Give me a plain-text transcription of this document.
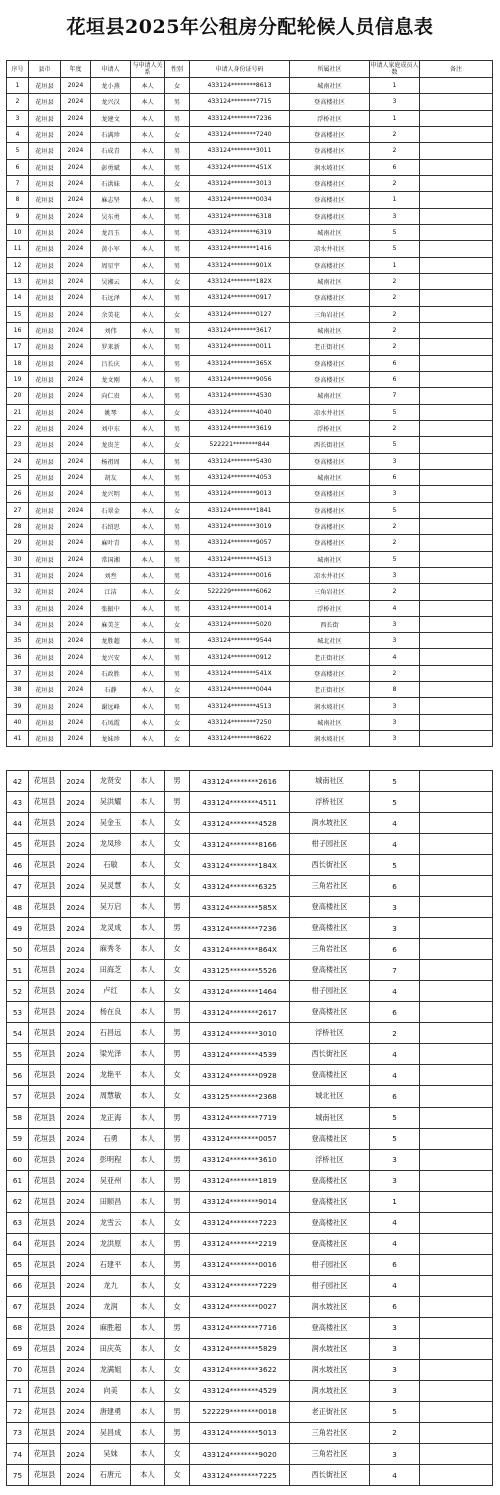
花垣县2025年公租房分配轮候人员信息表
序号	县市	年度	申请人	与申请人关系	性别	申请人身份证号码	所属社区	申请人家庭成员人数	备注
1	花垣县	2024	龙小燕	本人	女	433124********8613	城南社区	1	
2	花垣县	2024	龙兴汉	本人	男	433124********7715	登高楼社区	3	
3	花垣县	2024	龙建文	本人	男	433124********7236	浮桥社区	1	
4	花垣县	2024	石满珍	本人	女	433124********7240	登高楼社区	2	
5	花垣县	2024	石成青	本人	男	433124********3011	登高楼社区	2	
6	花垣县	2024	彭勇斌	本人	男	433124********451X	润水坡社区	6	
7	花垣县	2024	石洪妹	本人	女	433124********3013	登高楼社区	2	
8	花垣县	2024	麻志坚	本人	男	433124********0034	登高楼社区	1	
9	花垣县	2024	吴东勇	本人	男	433124********6318	登高楼社区	3	
10	花垣县	2024	龙昌玉	本人	男	433124********6319	城南社区	5	
11	花垣县	2024	黄小军	本人	男	433124********1416	凉水井社区	5	
12	花垣县	2024	周星宇	本人	男	433124********901X	登高楼社区	1	
13	花垣县	2024	吴湘云	本人	女	433124********182X	城南社区	2	
14	花垣县	2024	石远泽	本人	男	433124********0917	登高楼社区	2	
15	花垣县	2024	余美花	本人	女	433124********0127	三角岩社区	2	
16	花垣县	2024	刘伟	本人	男	433124********3617	城南社区	2	
17	花垣县	2024	罗来新	本人	男	433124********0011	老正街社区	2	
18	花垣县	2024	吕长庆	本人	男	433124********365X	登高楼社区	6	
19	花垣县	2024	龙文刚	本人	男	433124********9056	登高楼社区	6	
20	花垣县	2024	向仁贵	本人	男	433124********4530	城南社区	7	
21	花垣县	2024	姚琴	本人	女	433124********4040	凉水井社区	5	
22	花垣县	2024	刘中东	本人	男	433124********3619	浮桥社区	2	
23	花垣县	2024	龙贵芝	本人	女	522221********844	西长街社区	5	
24	花垣县	2024	杨祖周	本人	男	433124********5430	登高楼社区	3	
25	花垣县	2024	胡友	本人	男	433124********4053	城南社区	6	
26	花垣县	2024	龙兴明	本人	男	433124********9013	登高楼社区	3	
27	花垣县	2024	石翠金	本人	女	433124********1841	登高楼社区	5	
28	花垣县	2024	石绍思	本人	男	433124********3019	登高楼社区	2	
29	花垣县	2024	麻叶青	本人	男	433124********9057	登高楼社区	2	
30	花垣县	2024	常国湘	本人	男	433124********4513	城南社区	5	
31	花垣县	2024	刘叁	本人	男	433124********0016	凉水井社区	3	
32	花垣县	2024	江洁	本人	女	522229********6062	三角岩社区	2	
33	花垣县	2024	张振中	本人	男	433124********0014	浮桥社区	4	
34	花垣县	2024	麻美芝	本人	女	433124********5020	西长街	3	
35	花垣县	2024	龙胜超	本人	男	433124********9544	城北社区	3	
36	花垣县	2024	龙兴安	本人	男	433124********0912	老正街社区	4	
37	花垣县	2024	石政胜	本人	男	433124********541X	登高楼社区	2	
38	花垣县	2024	石静	本人	女	433124********0044	老正街社区	8	
39	花垣县	2024	谢远峰	本人	男	433124********4513	润水坡社区	3	
40	花垣县	2024	石凤霞	本人	女	433124********7250	城南社区	3	
41	花垣县	2024	龙妹珍	本人	女	433124********8622	润水坡社区	3	
42	花垣县	2024	龙贤安	本人	男	433124********2616	城南社区	5	
43	花垣县	2024	吴洪耀	本人	男	433124********4511	浮桥社区	5	
44	花垣县	2024	吴金玉	本人	女	433124********4528	润水坡社区	4	
45	花垣县	2024	龙凤珍	本人	女	433124********8166	柑子园社区	4	
46	花垣县	2024	石敏	本人	女	433124********184X	西长街社区	5	
47	花垣县	2024	吴灵慧	本人	女	433124********6325	三角岩社区	6	
48	花垣县	2024	吴万启	本人	男	433124********585X	登高楼社区	3	
49	花垣县	2024	龙灵成	本人	男	433124********7236	登高楼社区	3	
50	花垣县	2024	麻秀冬	本人	女	433124********864X	三角岩社区	6	
51	花垣县	2024	田海芝	本人	女	433125********5526	登高楼社区	7	
52	花垣县	2024	卢红	本人	女	433124********1464	柑子园社区	4	
53	花垣县	2024	杨在良	本人	男	433124********2617	登高楼社区	6	
54	花垣县	2024	石昌远	本人	男	433124********3010	浮桥社区	2	
55	花垣县	2024	梁光泽	本人	男	433124********4539	西长街社区	4	
56	花垣县	2024	龙艳平	本人	女	433124********0928	登高楼社区	4	
57	花垣县	2024	周慧敏	本人	女	433125********2368	城北社区	6	
58	花垣县	2024	龙正海	本人	男	433124********7719	城南社区	5	
59	花垣县	2024	石勇	本人	男	433124********0057	登高楼社区	5	
60	花垣县	2024	彭明程	本人	男	433124********3610	浮桥社区	3	
61	花垣县	2024	吴亚州	本人	男	433124********1819	登高楼社区	3	
62	花垣县	2024	田顺昌	本人	男	433124********9014	登高楼社区	1	
63	花垣县	2024	龙雪云	本人	女	433124********7223	登高楼社区	4	
64	花垣县	2024	龙洪原	本人	男	433124********2219	登高楼社区	4	
65	花垣县	2024	石建平	本人	男	433124********0016	柑子园社区	6	
66	花垣县	2024	龙九	本人	女	433124********7229	柑子园社区	4	
67	花垣县	2024	龙润	本人	女	433124********0027	润水坡社区	6	
68	花垣县	2024	麻胜超	本人	男	433124********7716	登高楼社区	3	
69	花垣县	2024	田庆英	本人	女	433124********5829	润水坡社区	3	
70	花垣县	2024	龙满姐	本人	女	433124********3622	润水坡社区	3	
71	花垣县	2024	向美	本人	女	433124********4529	润水坡社区	3	
72	花垣县	2024	唐建勇	本人	男	522229********0018	老正街社区	5	
73	花垣县	2024	吴昌成	本人	男	433124********5013	三角岩社区	2	
74	花垣县	2024	吴妹	本人	女	433124********9020	三角岩社区	3	
75	花垣县	2024	石唐元	本人	女	433124********7225	西长街社区	4	
